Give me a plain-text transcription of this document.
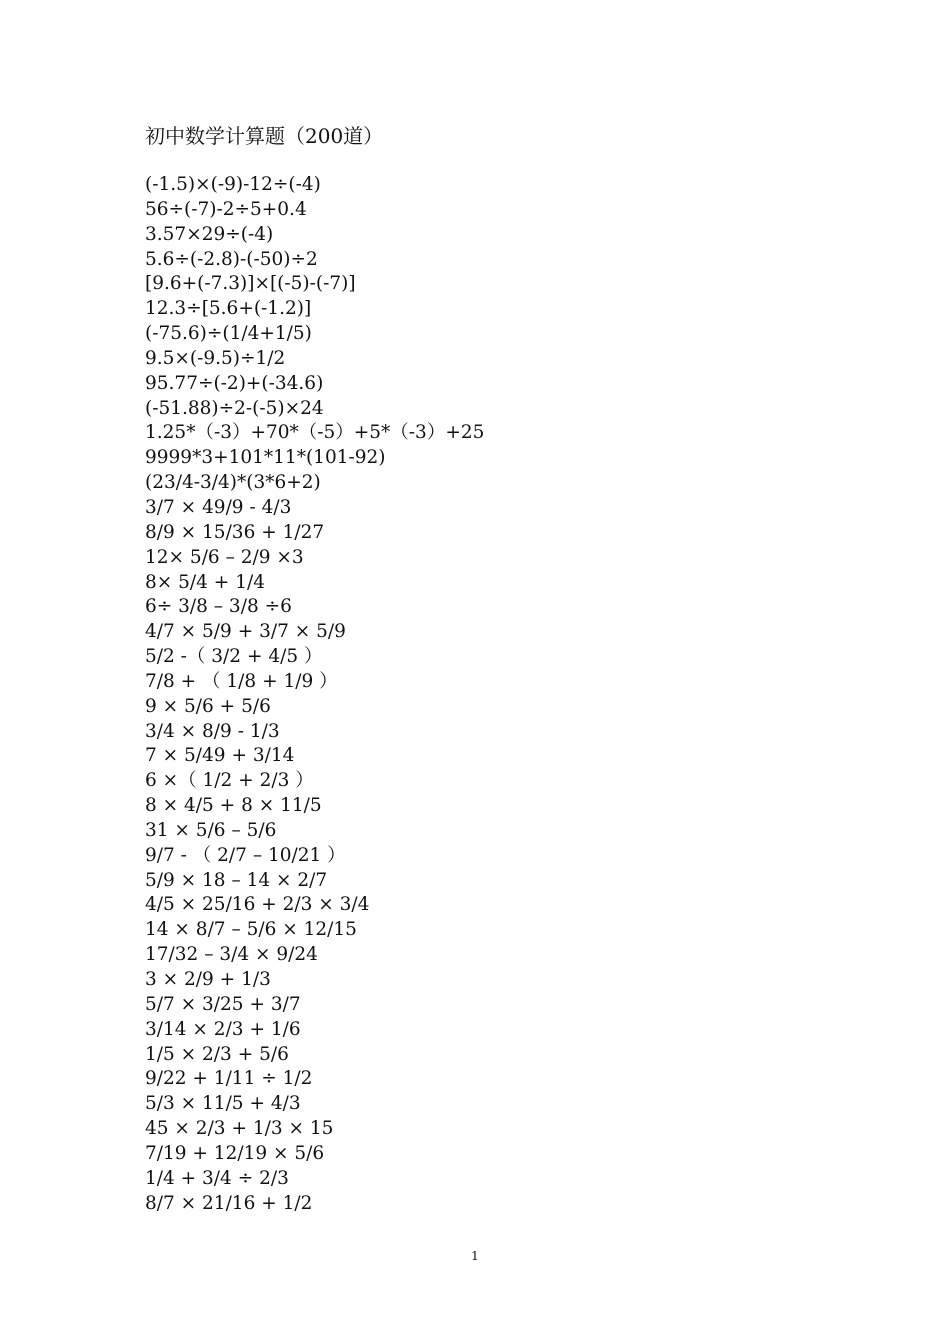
初中数学计算题（200道）
(-1.5)×(-9)-12÷(-4)
56÷(-7)-2÷5+0.4
3.57×29÷(-4)
5.6÷(-2.8)-(-50)÷2
[9.6+(-7.3)]×[(-5)-(-7)]
12.3÷[5.6+(-1.2)]
(-75.6)÷(1/4+1/5)
9.5×(-9.5)÷1/2
95.77÷(-2)+(-34.6)
(-51.88)÷2-(-5)×24
1.25*（-3）+70*（-5）+5*（-3）+25
9999*3+101*11*(101-92)
(23/4-3/4)*(3*6+2)
3/7 × 49/9 - 4/3
8/9 × 15/36 + 1/27
12× 5/6 – 2/9 ×3
8× 5/4 + 1/4
6÷ 3/8 – 3/8 ÷6
4/7 × 5/9 + 3/7 × 5/9
5/2 -（ 3/2 + 4/5 ）
7/8 + （ 1/8 + 1/9 ）
9 × 5/6 + 5/6
3/4 × 8/9 - 1/3
7 × 5/49 + 3/14
6 ×（ 1/2 + 2/3 ）
8 × 4/5 + 8 × 11/5
31 × 5/6 – 5/6
9/7 - （ 2/7 – 10/21 ）
5/9 × 18 – 14 × 2/7
4/5 × 25/16 + 2/3 × 3/4
14 × 8/7 – 5/6 × 12/15
17/32 – 3/4 × 9/24
3 × 2/9 + 1/3
5/7 × 3/25 + 3/7
3/14 × 2/3 + 1/6
1/5 × 2/3 + 5/6
9/22 + 1/11 ÷ 1/2
5/3 × 11/5 + 4/3
45 × 2/3 + 1/3 × 15
7/19 + 12/19 × 5/6
1/4 + 3/4 ÷ 2/3
8/7 × 21/16 + 1/2
1
